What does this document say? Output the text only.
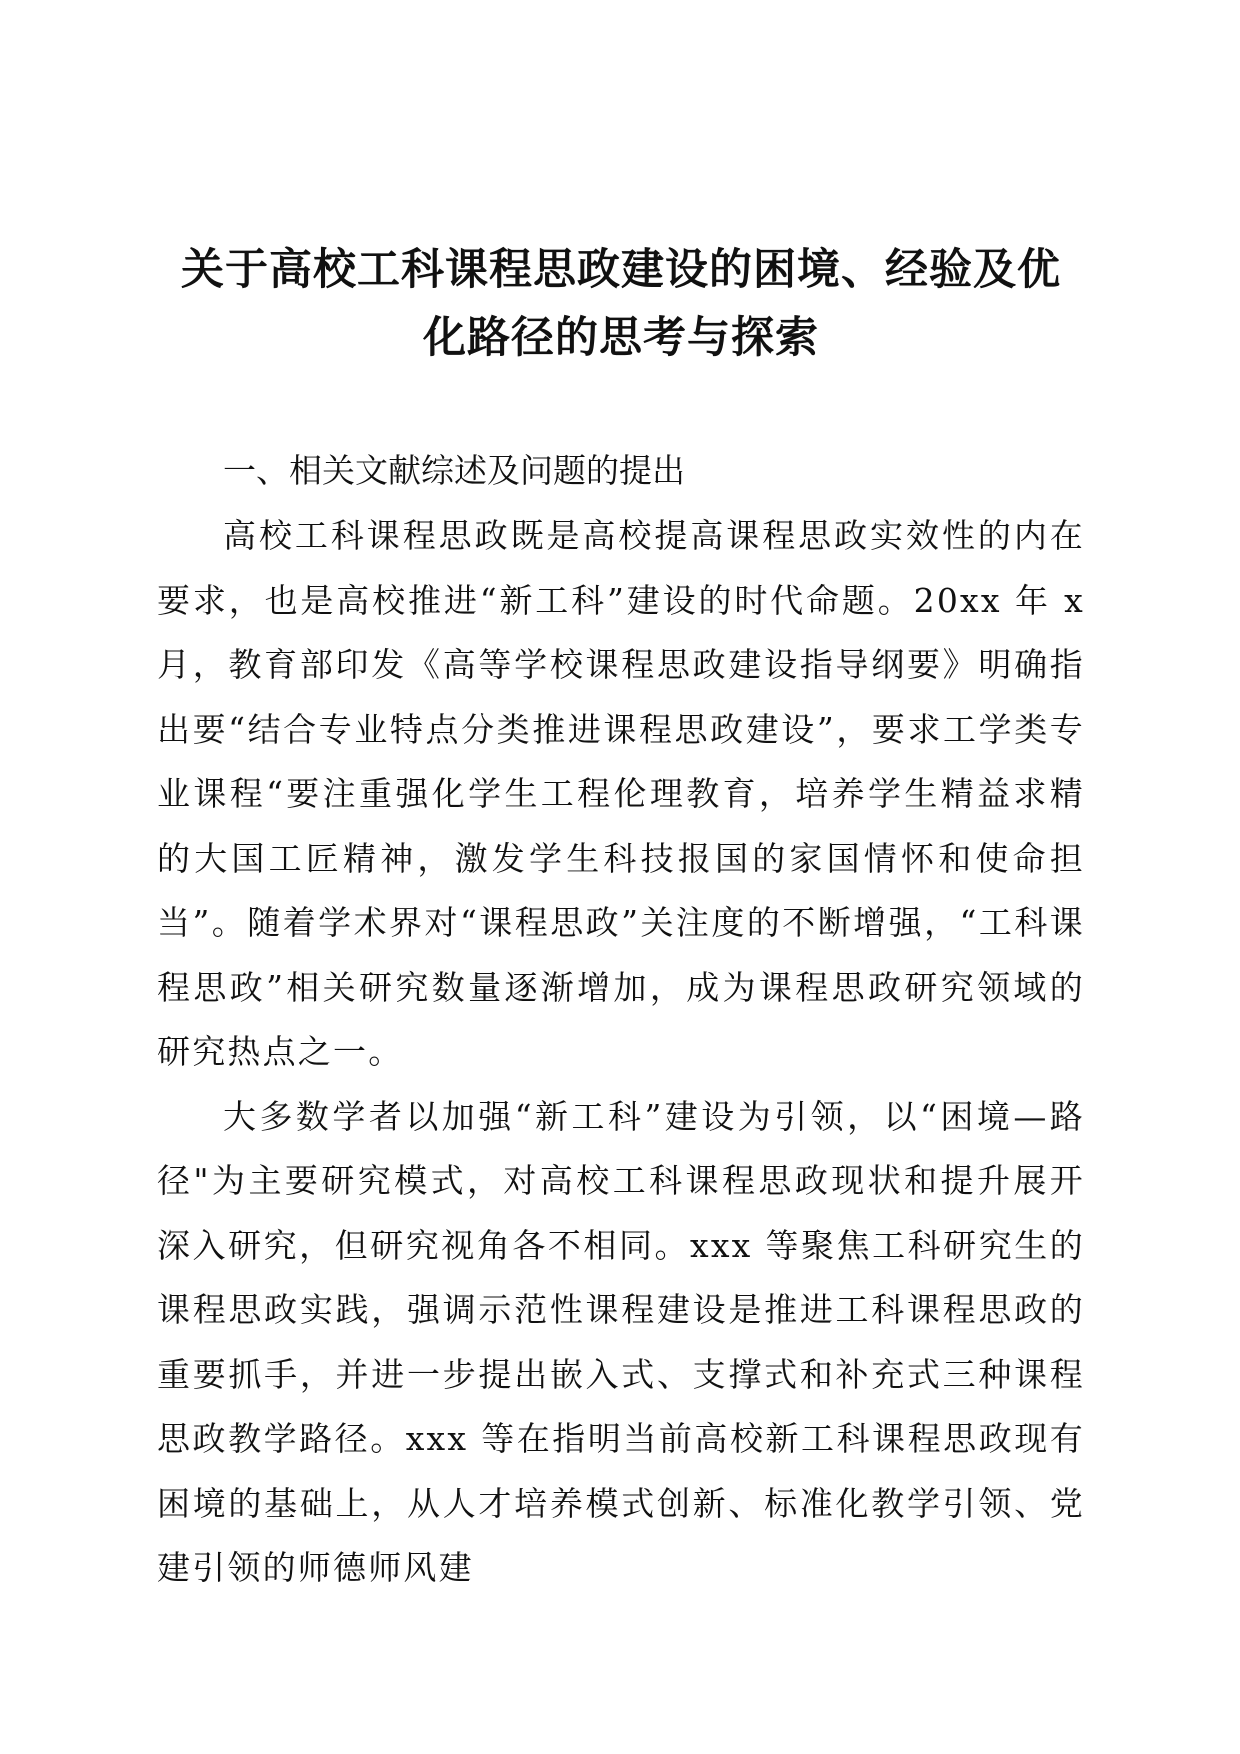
关于高校工科课程思政建设的困境、经验及优
化路径的思考与探索
一、相关文献综述及问题的提出

高校工科课程思政既是高校提高课程思政实效性的内在要求，也是高校推进“新工科”建设的时代命题。20xx 年 x 月，教育部印发《高等学校课程思政建设指导纲要》明确指出要“结合专业特点分类推进课程思政建设”，要求工学类专业课程“要注重强化学生工程伦理教育，培养学生精益求精的大国工匠精神，激发学生科技报国的家国情怀和使命担当”。随着学术界对“课程思政”关注度的不断增强，“工科课程思政”相关研究数量逐渐增加，成为课程思政研究领域的研究热点之一。

大多数学者以加强“新工科”建设为引领，以“困境—路径"为主要研究模式，对高校工科课程思政现状和提升展开深入研究，但研究视角各不相同。xxx 等聚焦工科研究生的课程思政实践，强调示范性课程建设是推进工科课程思政的重要抓手，并进一步提出嵌入式、支撑式和补充式三种课程思政教学路径。xxx 等在指明当前高校新工科课程思政现有困境的基础上，从人才培养模式创新、标准化教学引领、党建引领的师德师风建
